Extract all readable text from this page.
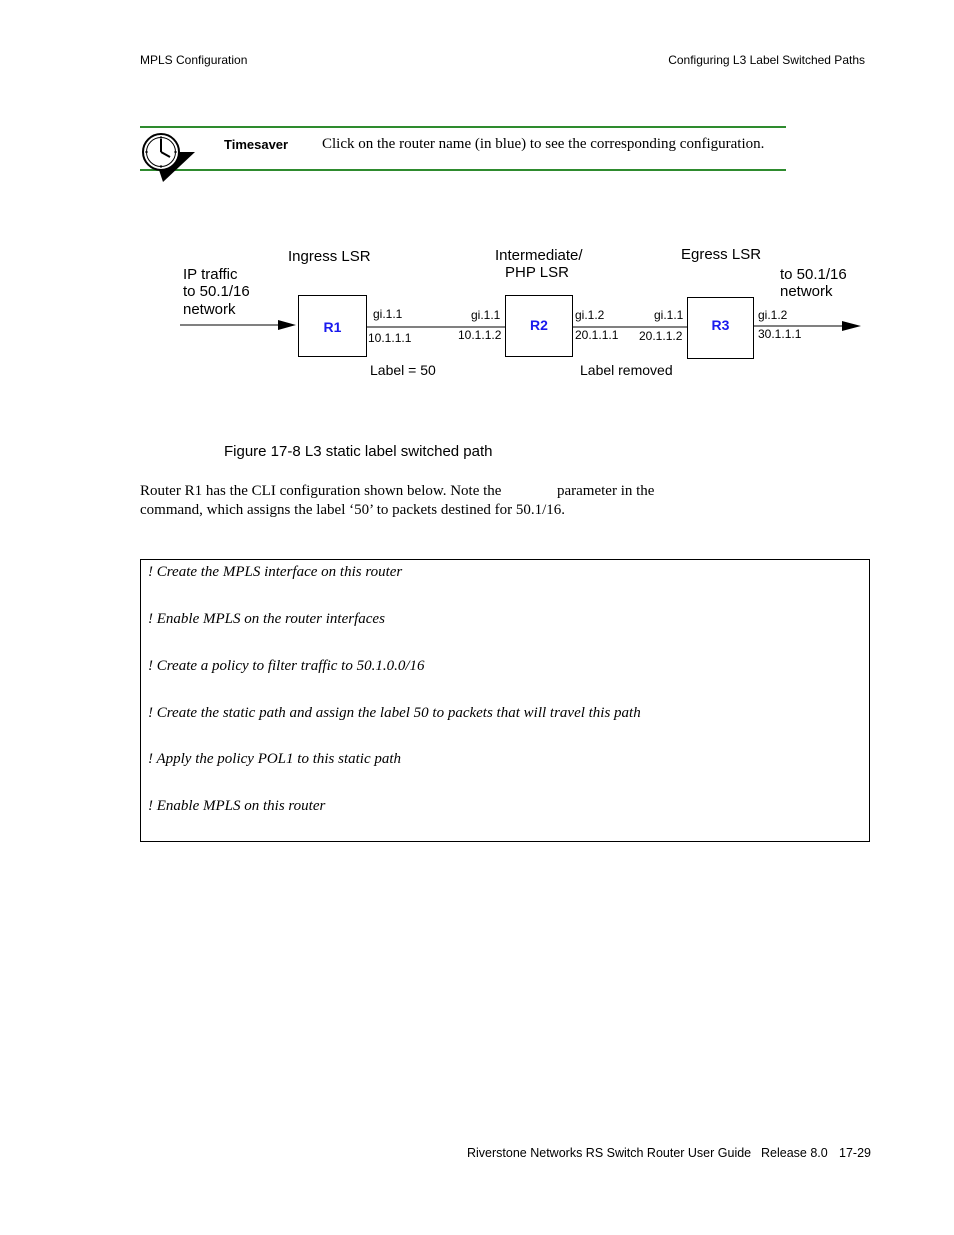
MPLS Configuration	Configuring L3 Label Switched Paths
Timesaver Click on the router name (in blue) to see the corresponding configuration.
Ingress LSR	Intermediate/
PHP LSR
Egress LSR
IP traffic
to 50.1/16
network
to 50.1/16
network
R1	R2	R3
gi.1.1
10.1.1.1
gi.1.1
10.1.1.2
gi.1.2
20.1.1.1
gi.1.1
20.1.1.2
gi.1.2
30.1.1.1
Label = 50	Label removed
Figure 17-8 L3 static label switched path
Router R1 has the CLI configuration shown below. Note the	parameter in the
command, which assigns the label ‘50’ to packets destined for 50.1/16.
! Create the MPLS interface on this router
! Enable MPLS on the router interfaces
! Create a policy to filter traffic to 50.1.0.0/16
! Create the static path and assign the label 50 to packets that will travel this path
! Apply the policy POL1 to this static path
! Enable MPLS on this router
Riverstone Networks RS Switch Router User Guide Release 8.0 17-29
